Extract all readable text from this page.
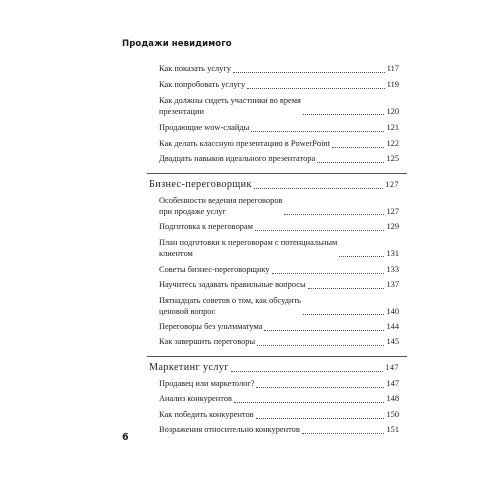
Продажи невидимого
Как показать услугу	117
Как попробовать услугу	119
Как должны сидеть участники во время
презентации	120
Продающие wow-слайды	121
Как делать классную презентацию в PowerPoint	122
Двадцать навыков идеального презентатора	125
Бизнес-переговорщик	127
Особенности ведения переговоров
при продаже услуг	127
Подготовка к переговорам	129
План подготовки к переговорам с потенциальным
клиентом	131
Советы бизнес-переговорщику	133
Научитесь задавать правильные вопросы	137
Пятнадцать советов о том, как обсудить
ценовой вопрос	140
Переговоры без ультиматума	144
Как завершить переговоры	145
Маркетинг услуг	147
Продавец или маркетолог?	147
Анализ конкурентов	148
Как победить конкурентов	150
Возражения относительно конкурентов	151
6
